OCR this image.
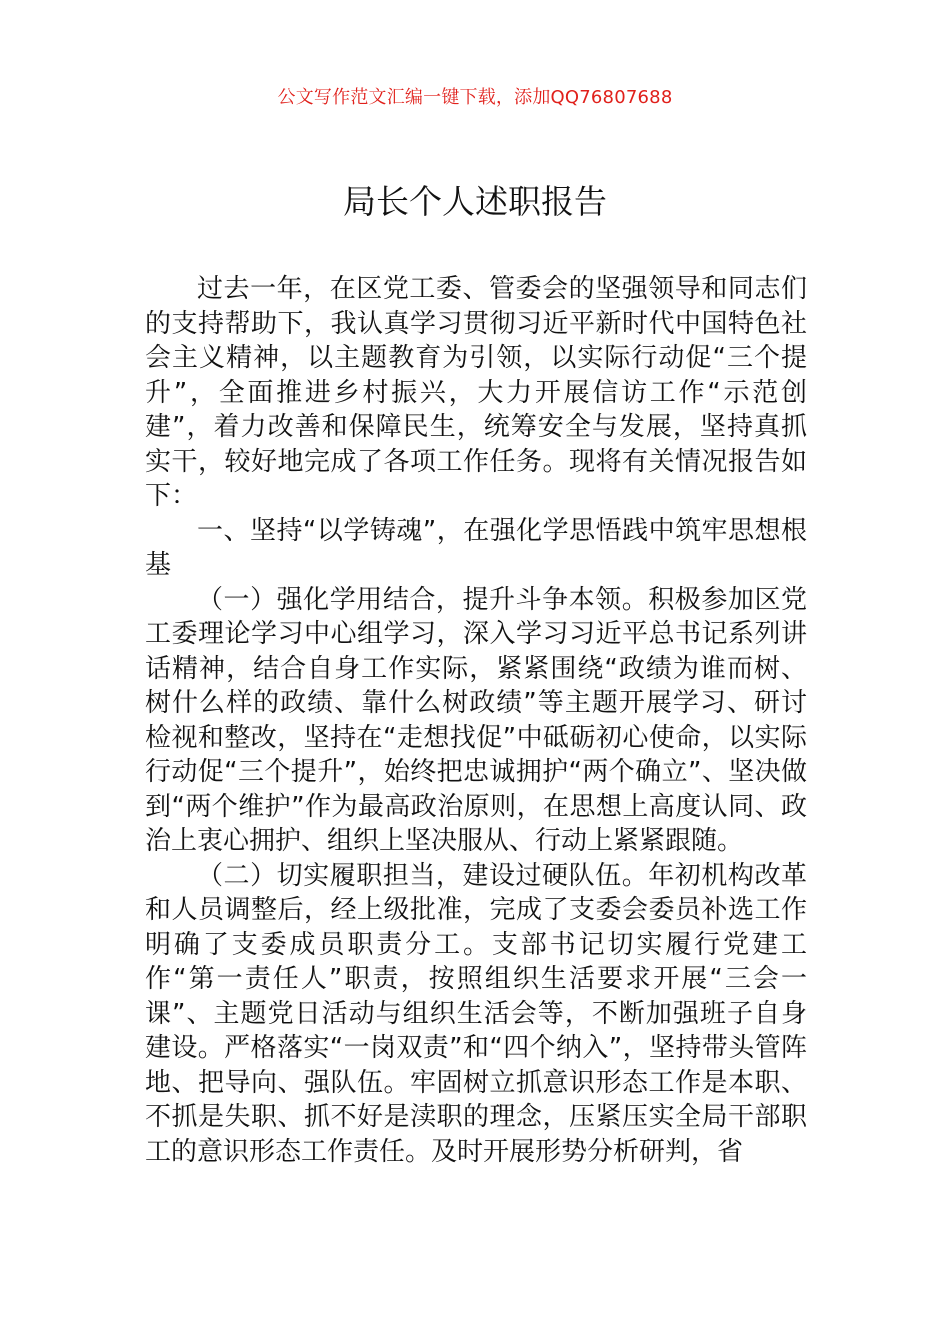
公文写作范文汇编一键下载，添加QQ76807688
局长个人述职报告

过去一年，在区党工委、管委会的坚强领导和同志们的支持帮助下，我认真学习贯彻习近平新时代中国特色社会主义精神，以主题教育为引领，以实际行动促“三个提升”，全面推进乡村振兴，大力开展信访工作“示范创建”，着力改善和保障民生，统筹安全与发展，坚持真抓实干，较好地完成了各项工作任务。现将有关情况报告如下：

一、坚持“以学铸魂”，在强化学思悟践中筑牢思想根基

（一）强化学用结合，提升斗争本领。积极参加区党工委理论学习中心组学习，深入学习习近平总书记系列讲话精神，结合自身工作实际，紧紧围绕“政绩为谁而树、树什么样的政绩、靠什么树政绩”等主题开展学习、研讨检视和整改，坚持在“走想找促”中砥砺初心使命，以实际行动促“三个提升”，始终把忠诚拥护“两个确立”、坚决做到“两个维护”作为最高政治原则，在思想上高度认同、政治上衷心拥护、组织上坚决服从、行动上紧紧跟随。

（二）切实履职担当，建设过硬队伍。年初机构改革和人员调整后，经上级批准，完成了支委会委员补选工作明确了支委成员职责分工。支部书记切实履行党建工作“第一责任人”职责，按照组织生活要求开展“三会一课”、主题党日活动与组织生活会等，不断加强班子自身建设。严格落实“一岗双责”和“四个纳入”，坚持带头管阵地、把导向、强队伍。牢固树立抓意识形态工作是本职、不抓是失职、抓不好是渎职的理念，压紧压实全局干部职工的意识形态工作责任。及时开展形势分析研判，省
